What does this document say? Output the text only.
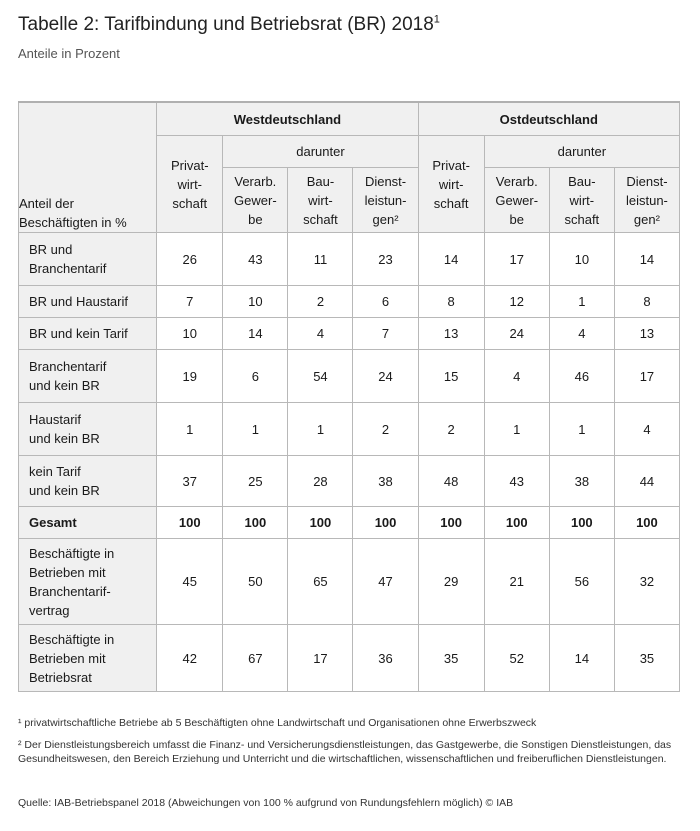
Tabelle 2: Tarifbindung und Betriebsrat (BR) 2018$^1$
Anteile in Prozent
Anteil der
Beschäftigten in %	Westdeutschland				Ostdeutschland			
	Privat-
wirt-
schaft	darunter			Privat-
wirt-
schaft	darunter		
		Verarb.
Gewer-
be	Bau-
wirt-
schaft	Dienst-
leistun-
gen²		Verarb.
Gewer-
be	Bau-
wirt-
schaft	Dienst-
leistun-
gen²
BR und
Branchentarif	26	43	11	23	14	17	10	14
BR und Haustarif	7	10	2	6	8	12	1	8
BR und kein Tarif	10	14	4	7	13	24	4	13
Branchentarif
und kein BR	19	6	54	24	15	4	46	17
Haustarif
und kein BR	1	1	1	2	2	1	1	4
kein Tarif
und kein BR	37	25	28	38	48	43	38	44
Gesamt	100	100	100	100	100	100	100	100
Beschäftigte in
Betrieben mit
Branchentarif-
vertrag	45	50	65	47	29	21	56	32
Beschäftigte in
Betrieben mit
Betriebsrat	42	67	17	36	35	52	14	35
¹ privatwirtschaftliche Betriebe ab 5 Beschäftigten ohne Landwirtschaft und Organisationen ohne Erwerbszweck
² Der Dienstleistungsbereich umfasst die Finanz- und Versicherungsdienstleistungen, das Gastgewerbe, die Sonstigen Dienstleistungen, das Gesundheitswesen, den Bereich Erziehung und Unterricht und die wirtschaftlichen, wissenschaftlichen und freiberuflichen Dienstleistungen.
Quelle: IAB-Betriebspanel 2018 (Abweichungen von 100 % aufgrund von Rundungsfehlern möglich) © IAB
